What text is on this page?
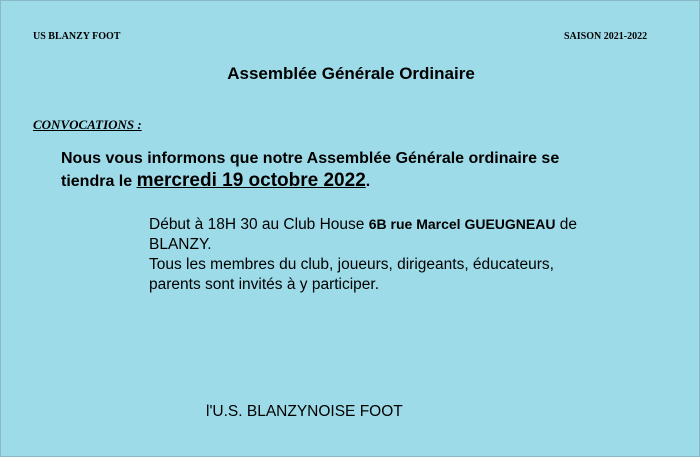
US BLANZY FOOT	SAISON 2021-2022
Assemblée Générale Ordinaire
CONVOCATIONS :
Nous vous informons que notre Assemblée Générale ordinaire se
tiendra le mercredi 19 octobre 2022.
Début à 18H 30 au Club House 6B rue Marcel GUEUGNEAU de
BLANZY.
Tous les membres du club, joueurs, dirigeants, éducateurs,
parents sont invités à y participer.
l'U.S. BLANZYNOISE FOOT
